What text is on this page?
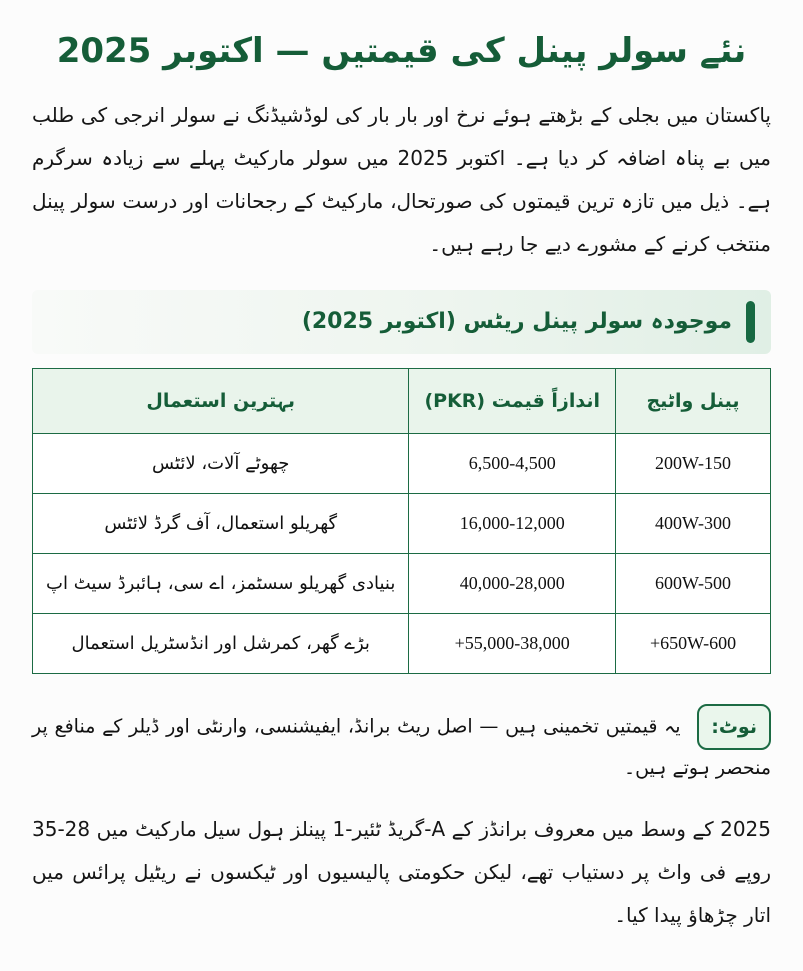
نئے سولر پینل کی قیمتیں — اکتوبر 2025

پاکستان میں بجلی کے بڑھتے ہوئے نرخ اور بار بار کی لوڈشیڈنگ نے سولر انرجی کی طلب میں بے پناہ اضافہ کر دیا ہے۔ اکتوبر 2025 میں سولر مارکیٹ پہلے سے زیادہ سرگرم ہے۔ ذیل میں تازہ ترین قیمتوں کی صورتحال، مارکیٹ کے رجحانات اور درست سولر پینل منتخب کرنے کے مشورے دیے جا رہے ہیں۔

موجودہ سولر پینل ریٹس (اکتوبر 2025)
پینل واٹیج	اندازاً قیمت (PKR)	بہترین استعمال
200W-150	6,500-4,500	چھوٹے آلات، لائٹس
400W-300	16,000-12,000	گھریلو استعمال، آف گرڈ لائٹس
600W-500	40,000-28,000	بنیادی گھریلو سسٹمز، اے سی، ہائبرڈ سیٹ اپ
+650W-600	+55,000-38,000	بڑے گھر، کمرشل اور انڈسٹریل استعمال

نوٹ: یہ قیمتیں تخمینی ہیں — اصل ریٹ برانڈ، ایفیشنسی، وارنٹی اور ڈیلر کے منافع پر منحصر ہوتے ہیں۔

2025 کے وسط میں معروف برانڈز کے A-گریڈ ٹئیر-1 پینلز ہول سیل مارکیٹ میں 28-35 روپے فی واٹ پر دستیاب تھے، لیکن حکومتی پالیسیوں اور ٹیکسوں نے ریٹیل پرائس میں اتار چڑھاؤ پیدا کیا۔
